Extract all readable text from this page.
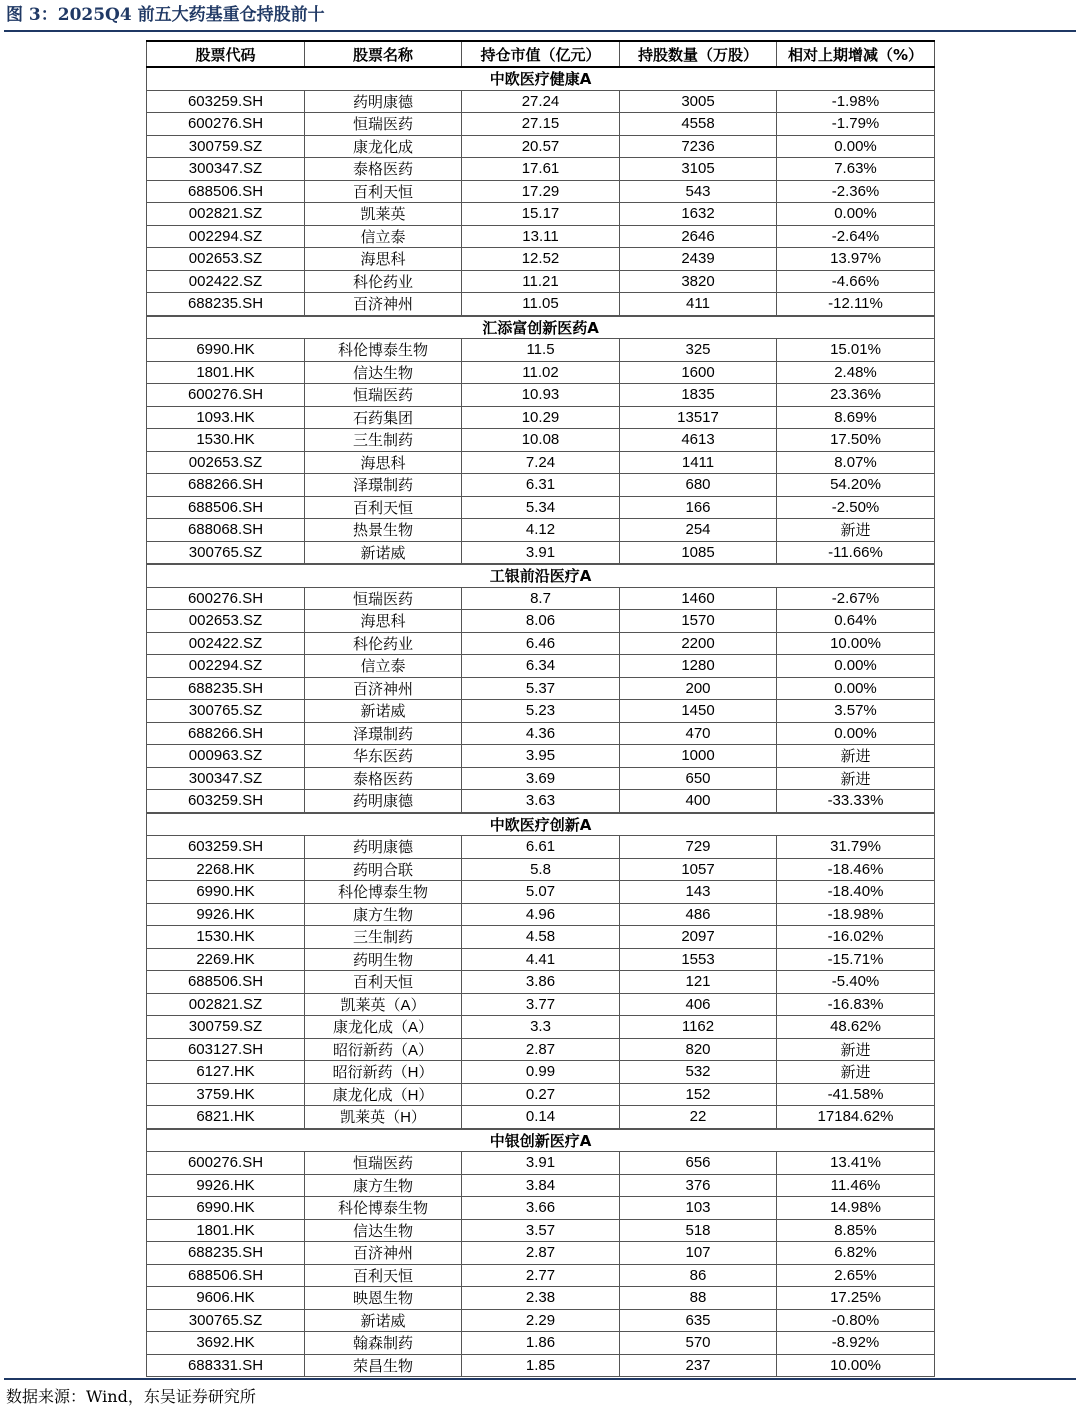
图 3：2025Q4 前五大药基重仓持股前十
股票代码	股票名称	持仓市值（亿元）	持股数量（万股）	相对上期增减（%）
中欧医疗健康A				
603259.SH	药明康德	27.24	3005	-1.98%
600276.SH	恒瑞医药	27.15	4558	-1.79%
300759.SZ	康龙化成	20.57	7236	0.00%
300347.SZ	泰格医药	17.61	3105	7.63%
688506.SH	百利天恒	17.29	543	-2.36%
002821.SZ	凯莱英	15.17	1632	0.00%
002294.SZ	信立泰	13.11	2646	-2.64%
002653.SZ	海思科	12.52	2439	13.97%
002422.SZ	科伦药业	11.21	3820	-4.66%
688235.SH	百济神州	11.05	411	-12.11%
汇添富创新医药A				
6990.HK	科伦博泰生物	11.5	325	15.01%
1801.HK	信达生物	11.02	1600	2.48%
600276.SH	恒瑞医药	10.93	1835	23.36%
1093.HK	石药集团	10.29	13517	8.69%
1530.HK	三生制药	10.08	4613	17.50%
002653.SZ	海思科	7.24	1411	8.07%
688266.SH	泽璟制药	6.31	680	54.20%
688506.SH	百利天恒	5.34	166	-2.50%
688068.SH	热景生物	4.12	254	新进
300765.SZ	新诺威	3.91	1085	-11.66%
工银前沿医疗A				
600276.SH	恒瑞医药	8.7	1460	-2.67%
002653.SZ	海思科	8.06	1570	0.64%
002422.SZ	科伦药业	6.46	2200	10.00%
002294.SZ	信立泰	6.34	1280	0.00%
688235.SH	百济神州	5.37	200	0.00%
300765.SZ	新诺威	5.23	1450	3.57%
688266.SH	泽璟制药	4.36	470	0.00%
000963.SZ	华东医药	3.95	1000	新进
300347.SZ	泰格医药	3.69	650	新进
603259.SH	药明康德	3.63	400	-33.33%
中欧医疗创新A				
603259.SH	药明康德	6.61	729	31.79%
2268.HK	药明合联	5.8	1057	-18.46%
6990.HK	科伦博泰生物	5.07	143	-18.40%
9926.HK	康方生物	4.96	486	-18.98%
1530.HK	三生制药	4.58	2097	-16.02%
2269.HK	药明生物	4.41	1553	-15.71%
688506.SH	百利天恒	3.86	121	-5.40%
002821.SZ	凯莱英（A）	3.77	406	-16.83%
300759.SZ	康龙化成（A）	3.3	1162	48.62%
603127.SH	昭衍新药（A）	2.87	820	新进
6127.HK	昭衍新药（H）	0.99	532	新进
3759.HK	康龙化成（H）	0.27	152	-41.58%
6821.HK	凯莱英（H）	0.14	22	17184.62%
中银创新医疗A				
600276.SH	恒瑞医药	3.91	656	13.41%
9926.HK	康方生物	3.84	376	11.46%
6990.HK	科伦博泰生物	3.66	103	14.98%
1801.HK	信达生物	3.57	518	8.85%
688235.SH	百济神州	2.87	107	6.82%
688506.SH	百利天恒	2.77	86	2.65%
9606.HK	映恩生物	2.38	88	17.25%
300765.SZ	新诺威	2.29	635	-0.80%
3692.HK	翰森制药	1.86	570	-8.92%
688331.SH	荣昌生物	1.85	237	10.00%
数据来源：Wind，东吴证券研究所
